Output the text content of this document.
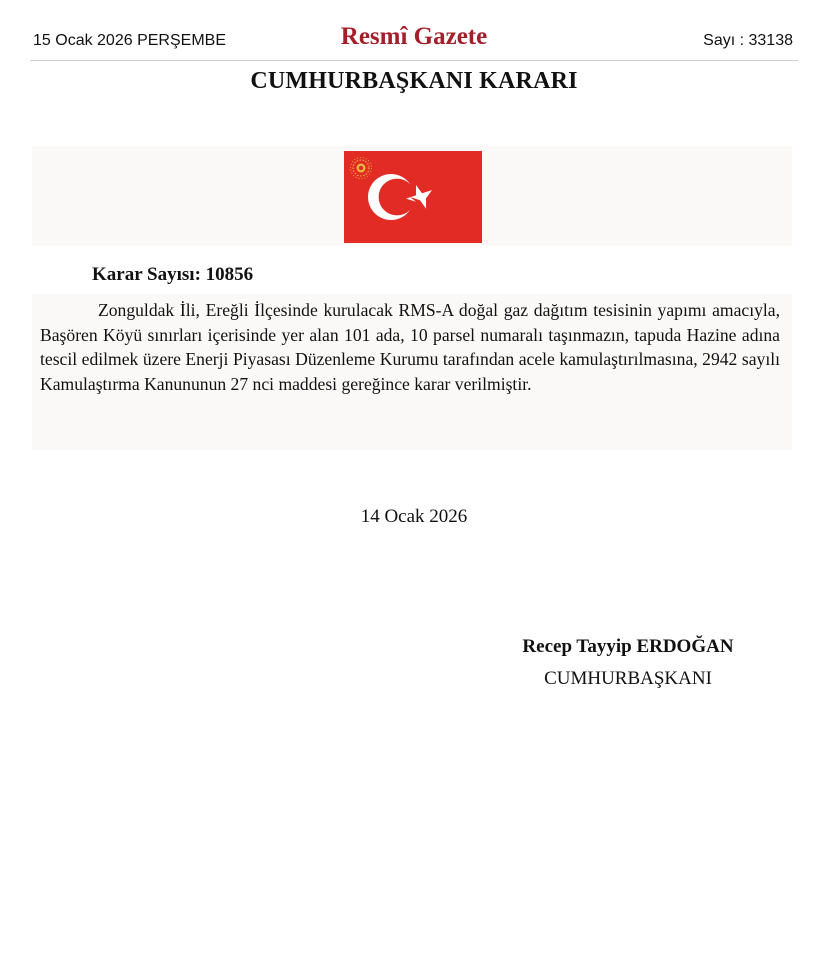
15 Ocak 2026 PERŞEMBE	Resmî Gazete	Sayı : 33138
CUMHURBAŞKANI KARARI
Karar Sayısı: 10856

Zonguldak İli, Ereğli İlçesinde kurulacak RMS-A doğal gaz dağıtım tesisinin yapımı amacıyla, Başören Köyü sınırları içerisinde yer alan 101 ada, 10 parsel numaralı taşınmazın, tapuda Hazine adına tescil edilmek üzere Enerji Piyasası Düzenleme Kurumu tarafından acele kamulaştırılmasına, 2942 sayılı Kamulaştırma Kanununun 27 nci maddesi gereğince karar verilmiştir.

14 Ocak 2026
Recep Tayyip ERDOĞAN
CUMHURBAŞKANI
